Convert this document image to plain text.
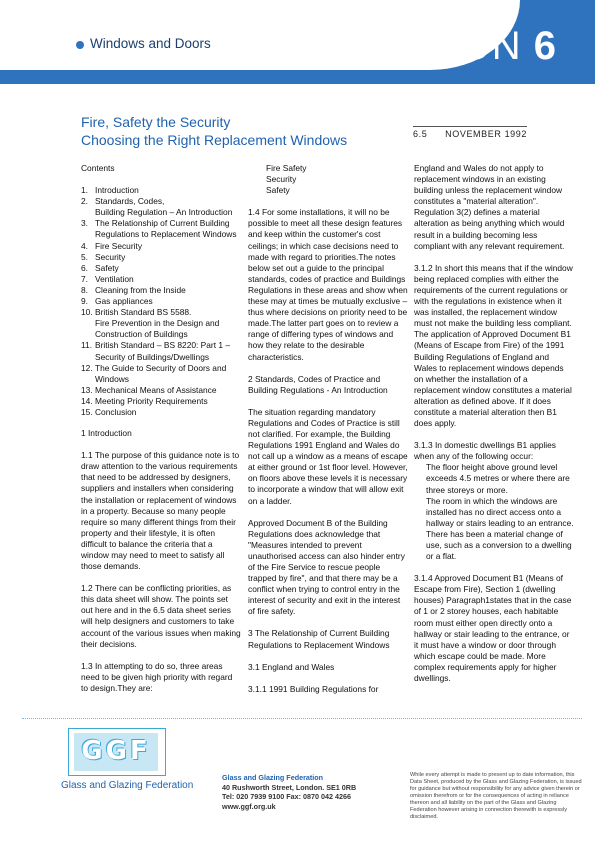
Windows and Doors	SECTION 6
Fire, Safety the Security
Choosing the Right Replacement Windows	6.5 NOVEMBER 1992

Contents

1. Introduction
2. Standards, Codes,
Building Regulation – An Introduction
3. The Relationship of Current Building
Regulations to Replacement Windows
4. Fire Security
5. Security
6. Safety
7. Ventilation
8. Cleaning from the Inside
9. Gas appliances
10. British Standard BS 5588.
Fire Prevention in the Design and
Construction of Buildings
11. British Standard – BS 8220: Part 1 –
Security of Buildings/Dwellings
12. The Guide to Security of Doors and
Windows
13. Mechanical Means of Assistance
14. Meeting Priority Requirements
15. Conclusion

1 Introduction

1.1 The purpose of this guidance note is to draw attention to the various requirements that need to be addressed by designers, suppliers and installers when considering the installation or replacement of windows in a property. Because so many people require so many different things from their property and their lifestyle, it is often difficult to balance the criteria that a window may need to meet to satisfy all those demands.

1.2 There can be conflicting priorities, as this data sheet will show. The points set out here and in the 6.5 data sheet series will help designers and customers to take account of the various issues when making their decisions.

1.3 In attempting to do so, three areas need to be given high priority with regard to design.They are:

Fire Safety
Security
Safety

1.4 For some installations, it will no be possible to meet all these design features and keep within the customer's cost ceilings; in which case decisions need to made with regard to priorities.The notes below set out a guide to the principal standards, codes of practice and Buildings Regulations in these areas and show when these may at times be mutually exclusive – thus where decisions on priority need to be made.The latter part goes on to review a range of differing types of windows and how they relate to the desirable characteristics.

2 Standards, Codes of Practice and Building Regulations - An Introduction

The situation regarding mandatory Regulations and Codes of Practice is still not clarified. For example, the Building Regulations 1991 England and Wales do not call up a window as a means of escape at either ground or 1st floor level. However, on floors above these levels it is necessary to incorporate a window that will allow exit on a ladder.

Approved Document B of the Building Regulations does acknowledge that "Measures intended to prevent unauthorised access can also hinder entry of the Fire Service to rescue people trapped by fire", and that there may be a conflict when trying to control entry in the interest of security and exit in the interest of fire safety.

3 The Relationship of Current Building Regulations to Replacement Windows

3.1 England and Wales

3.1.1 1991 Building Regulations for

England and Wales do not apply to replacement windows in an existing building unless the replacement window constitutes a "material alteration". Regulation 3(2) defines a material alteration as being anything which would result in a building becoming less compliant with any relevant requirement.

3.1.2 In short this means that if the window being replaced complies with either the requirements of the current regulations or with the regulations in existence when it was installed, the replacement window must not make the building less compliant. The application of Approved Document B1 (Means of Escape from Fire) of the 1991 Building Regulations of England and Wales to replacement windows depends on whether the installation of a replacement window constitutes a material alteration as defined above. If it does constitute a material alteration then B1 does apply.

3.1.3 In domestic dwellings B1 applies when any of the following occur:

The floor height above ground level exceeds 4.5 metres or where there are three storeys or more.
The room in which the windows are installed has no direct access onto a hallway or stairs leading to an entrance.
There has been a material change of use, such as a conversion to a dwelling or a flat.

3.1.4 Approved Document B1 (Means of Escape from Fire), Section 1 (dwelling houses) Paragraph1states that in the case of 1 or 2 storey houses, each habitable room must either open directly onto a hallway or stair leading to the entrance, or it must have a window or door through which escape could be made. More complex requirements apply for higher dwellings.

GGF
Glass and Glazing Federation
Glass and Glazing Federation
40 Rushworth Street, London. SE1 0RB
Tel: 020 7939 9100 Fax: 0870 042 4266
www.ggf.org.uk
While every attempt is made to present up to date information, this Data Sheet, produced by the Glass and Glazing Federation, is issued for guidance but without responsibility for any advice given therein or omission therefrom or for the consequences of acting in reliance thereon and all liability on the part of the Glass and Glazing Federation however arising in connection therewith is expressly disclaimed.
